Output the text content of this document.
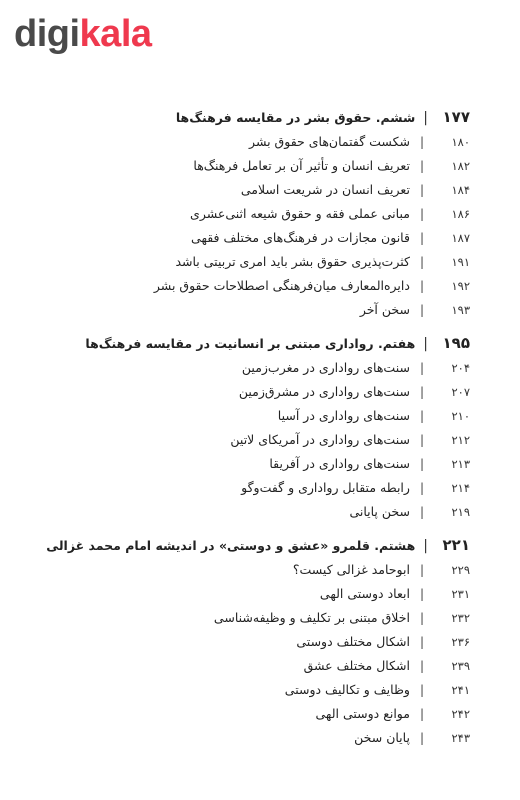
digikala
۱۷۷
|
ششم. حقوق بشر در مقایسه فرهنگ‌ها
۱۸۰
|
شکست گفتمان‌های حقوق بشر
۱۸۲
|
تعریف انسان و تأثیر آن بر تعامل فرهنگ‌ها
۱۸۴
|
تعریف انسان در شریعت اسلامی
۱۸۶
|
مبانی عملی فقه و حقوق شیعه اثنی‌عشری
۱۸۷
|
قانون مجازات در فرهنگ‌های مختلف فقهی
۱۹۱
|
کثرت‌پذیری حقوق بشر باید امری تربیتی باشد
۱۹۲
|
دایره‌المعارف میان‌فرهنگی اصطلاحات حقوق بشر
۱۹۳
|
سخن آخر
۱۹۵
|
هفتم. رواداری مبتنی بر انسانیت در مقایسه فرهنگ‌ها
۲۰۴
|
سنت‌های رواداری در مغرب‌زمین
۲۰۷
|
سنت‌های رواداری در مشرق‌زمین
۲۱۰
|
سنت‌های رواداری در آسیا
۲۱۲
|
سنت‌های رواداری در آمریکای لاتین
۲۱۳
|
سنت‌های رواداری در آفریقا
۲۱۴
|
رابطه متقابل رواداری و گفت‌وگو
۲۱۹
|
سخن پایانی
۲۲۱
|
هشتم. قلمرو «عشق و دوستی» در اندیشه امام محمد غزالی
۲۲۹
|
ابوحامد غزالی کیست؟
۲۳۱
|
ابعاد دوستی الهی
۲۳۲
|
اخلاق مبتنی بر تکلیف و وظیفه‌شناسی
۲۳۶
|
اشکال مختلف دوستی
۲۳۹
|
اشکال مختلف عشق
۲۴۱
|
وظایف و تکالیف دوستی
۲۴۲
|
موانع دوستی الهی
۲۴۳
|
پایان سخن
